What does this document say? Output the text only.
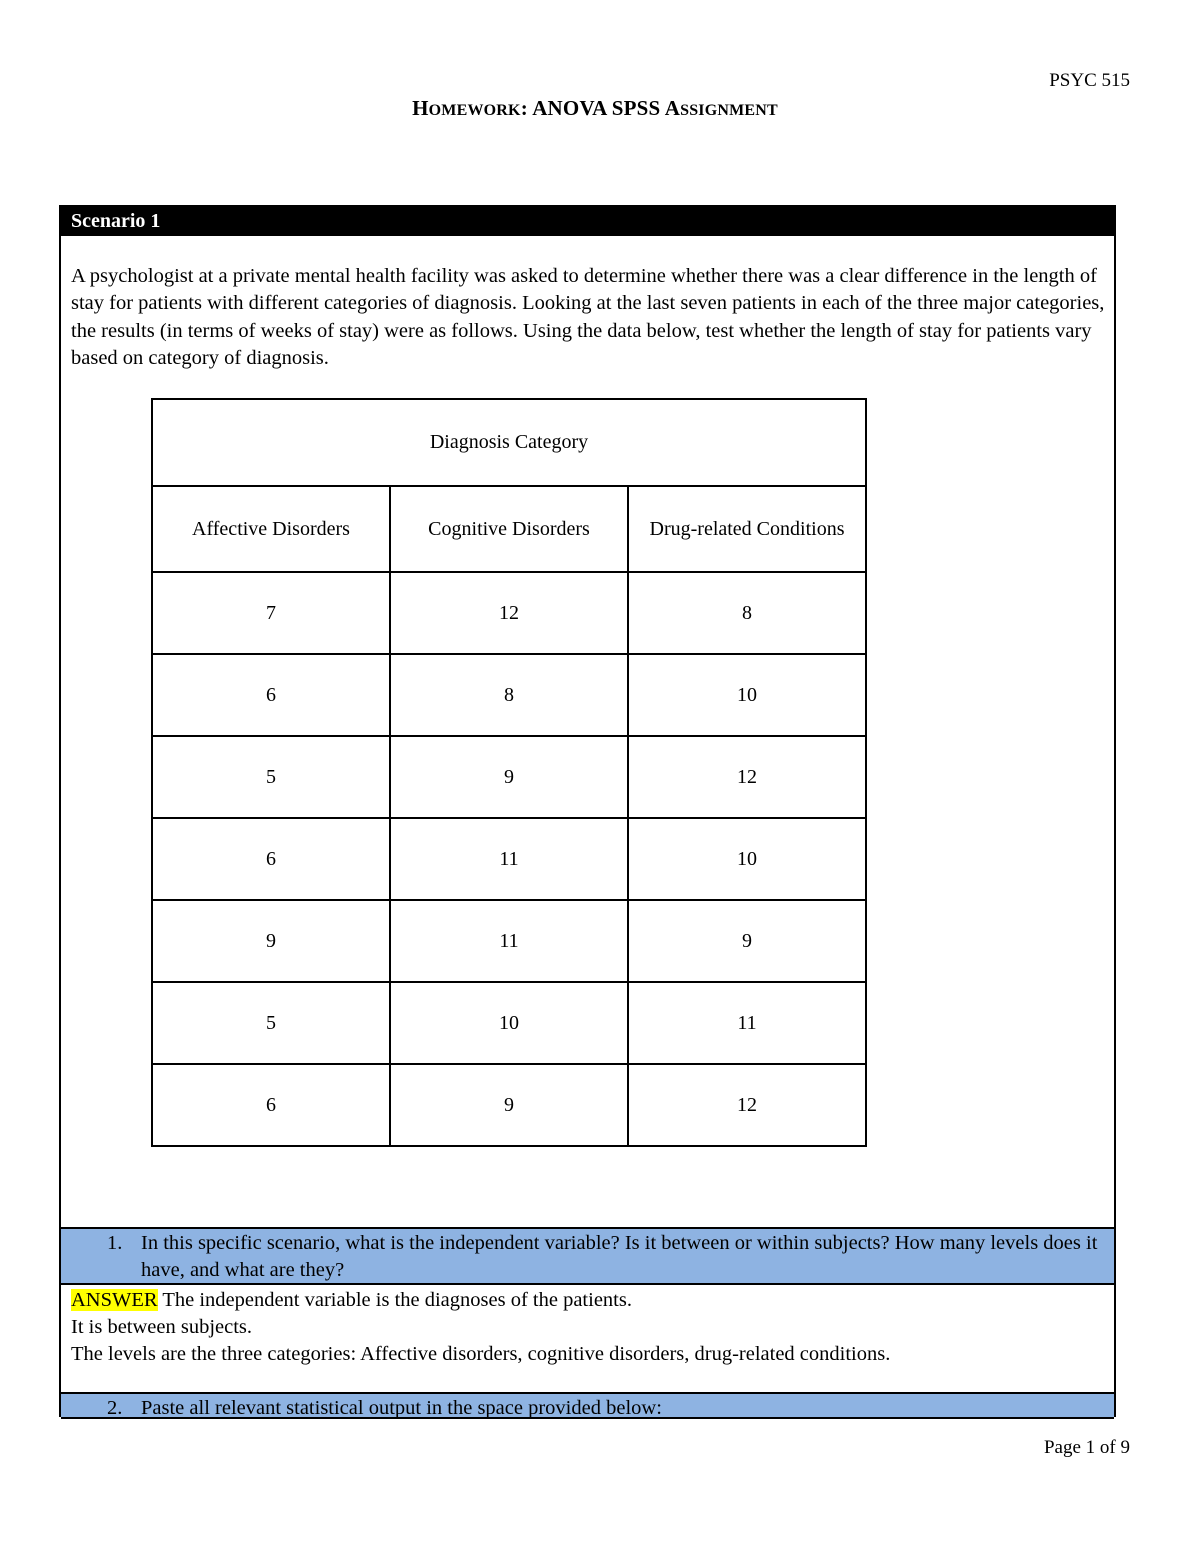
PSYC 515
HOMEWORK: ANOVA SPSS ASSIGNMENT
Scenario 1
A psychologist at a private mental health facility was asked to determine whether there was a clear difference in the length of stay for patients with different categories of diagnosis. Looking at the last seven patients in each of the three major categories, the results (in terms of weeks of stay) were as follows. Using the data below, test whether the length of stay for patients vary based on category of diagnosis.
Diagnosis Category		
Affective Disorders	Cognitive Disorders	Drug-related Conditions
7	12	8
6	8	10
5	9	12
6	11	10
9	11	9
5	10	11
6	9	12
1. In this specific scenario, what is the independent variable? Is it between or within subjects? How many levels does it have, and what are they?
ANSWER The independent variable is the diagnoses of the patients.
It is between subjects.
The levels are the three categories: Affective disorders, cognitive disorders, drug-related conditions.
2. Paste all relevant statistical output in the space provided below:
Page 1 of 9
